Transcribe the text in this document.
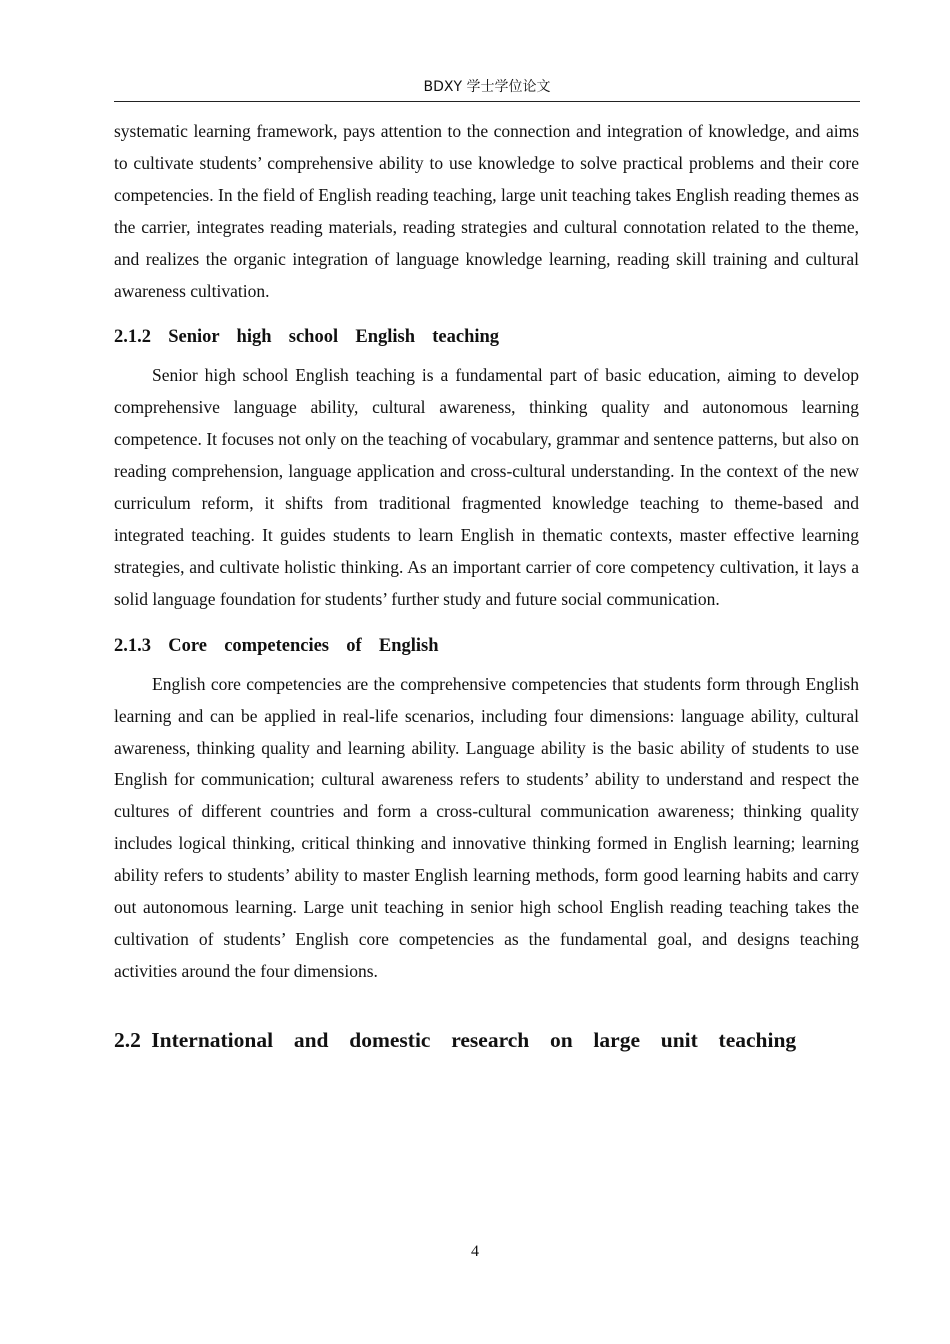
BDXY 学士学位论文

systematic learning framework, pays attention to the connection and integration of knowledge, and aims to cultivate students’ comprehensive ability to use knowledge to solve practical problems and their core competencies. In the field of English reading teaching, large unit teaching takes English reading themes as the carrier, integrates reading materials, reading strategies and cultural connotation related to the theme, and realizes the organic integration of language knowledge learning, reading skill training and cultural awareness cultivation.

2.1.2  Senior  high  school  English  teaching

Senior high school English teaching is a fundamental part of basic education, aiming to develop comprehensive language ability, cultural awareness, thinking quality and autonomous learning competence. It focuses not only on the teaching of vocabulary, grammar and sentence patterns, but also on reading comprehension, language application and cross-cultural understanding. In the context of the new curriculum reform, it shifts from traditional fragmented knowledge teaching to theme-based and integrated teaching. It guides students to learn English in thematic contexts, master effective learning strategies, and cultivate holistic thinking. As an important carrier of core competency cultivation, it lays a solid language foundation for students’ further study and future social communication.

2.1.3  Core  competencies  of  English

English core competencies are the comprehensive competencies that students form through English learning and can be applied in real-life scenarios, including four dimensions: language ability, cultural awareness, thinking quality and learning ability. Language ability is the basic ability of students to use English for communication; cultural awareness refers to students’ ability to understand and respect the cultures of different countries and form a cross-cultural communication awareness; thinking quality includes logical thinking, critical thinking and innovative thinking formed in English learning; learning ability refers to students’ ability to master English learning methods, form good learning habits and carry out autonomous learning. Large unit teaching in senior high school English reading teaching takes the cultivation of students’ English core competencies as the fundamental goal, and designs teaching activities around the four dimensions.

2.2 International  and  domestic  research  on  large  unit  teaching
4
